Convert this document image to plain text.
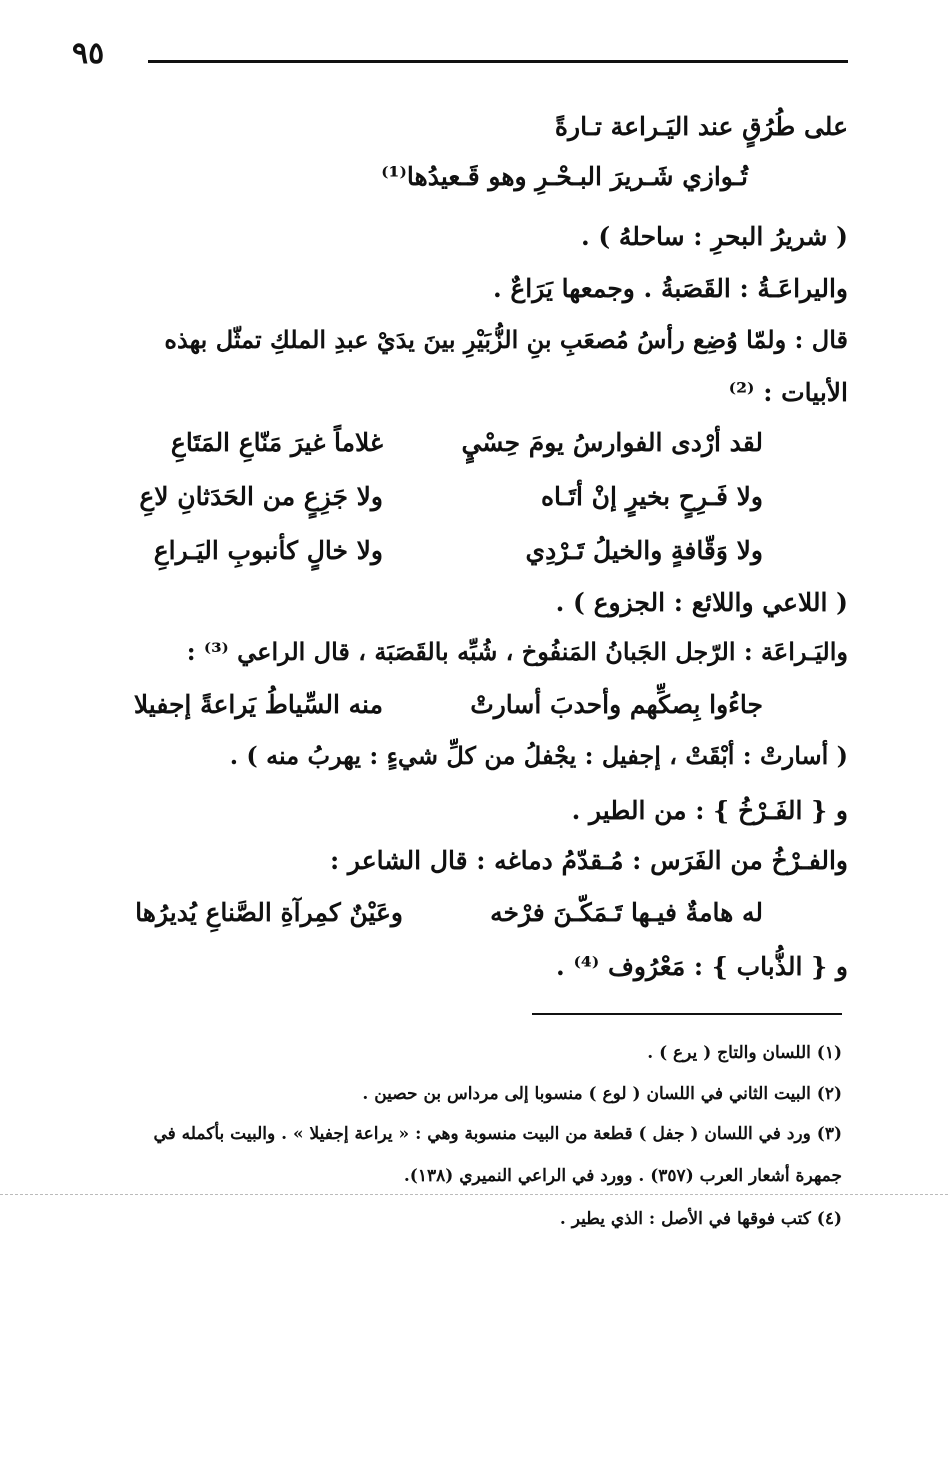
٩٥
على طُرُقٍ عند اليَـراعة تـارةً
تُـوازي شَـريرَ البـحْـرِ وهو قَـعيدُها⁽¹⁾
( شريرُ البحرِ : ساحلهُ ) .
واليراعَـةُ : القَصَبةُ . وجمعها يَرَاعٌ .
قال : ولمّا وُضِع رأسُ مُصعَبِ بنِ الزُّبَيْرِ بينَ يدَيْ عبدِ الملكِ تمثّل بهذه
الأبيات : ⁽²⁾
لقد أرْدى الفوارسُ يومَ حِسْيٍ
غلاماً غيرَ مَنّاعِ المَتَاعِ
ولا فَـرِحٍ بخيرٍ إنْ أتَـاه
ولا جَزِعٍ من الحَدَثانِ لاعِ
ولا وَقّافةٍ والخيلُ تَـرْدِي
ولا خالٍ كأنبوبِ اليَـراعِ
( اللاعي واللائع : الجزوع ) .
واليَـراعَة : الرّجل الجَبانُ المَنفُوخ ، شُبِّه بالقَصَبَة ، قال الراعي ⁽³⁾ :
جاءُوا بِصكِّهم وأحدبَ أسارتْ
منه السِّياطُ يَراعةً إجفيلا
( أسارتْ : أبْقَتْ ، إجفيل : يجْفلُ من كلِّ شيءٍ : يهربُ منه ) .
و { الفَـرْخُ } : من الطير .
والفـرْخُ من الفَرَس : مُـقدّمُ دماغه : قال الشاعر :
له هامةٌ فيـها تَـمَكّـنَ فرْخه
وعَيْنٌ كمِرآةِ الصَّناعِ يُديرُها
و { الذُّباب } : مَعْرُوف ⁽⁴⁾ .
(١) اللسان والتاج ( يرع ) .
(٢) البيت الثاني في اللسان ( لوع ) منسوبا إلى مرداس بن حصين .
(٣) ورد في اللسان ( جفل ) قطعة من البيت منسوبة وهي : « يراعة إجفيلا » . والبيت بأكمله في
جمهرة أشعار العرب (٣٥٧) . وورد في الراعي النميري (١٣٨).
(٤) كتب فوقها في الأصل : الذي يطير .
